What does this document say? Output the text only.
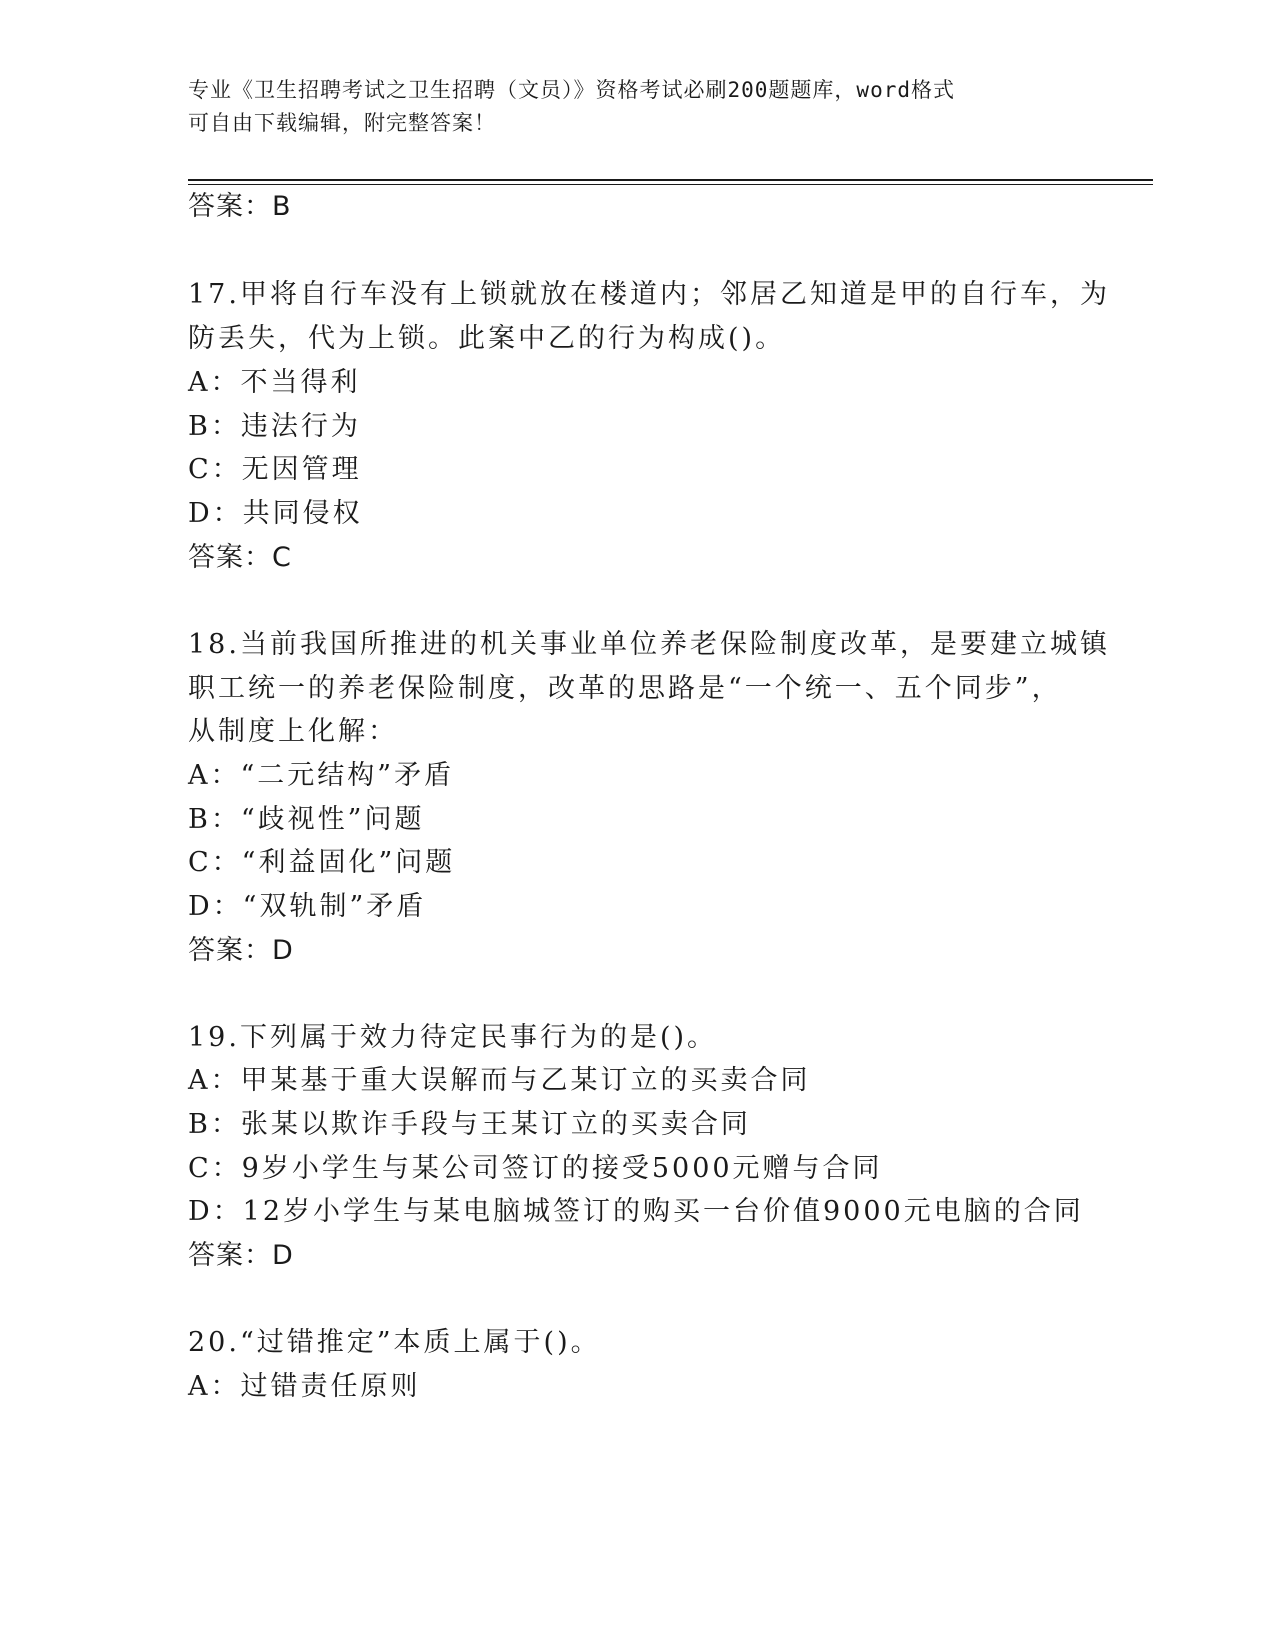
专业《卫生招聘考试之卫生招聘（文员）》资格考试必刷200题题库，word格式
可自由下载编辑，附完整答案！
答案：B
17.甲将自行车没有上锁就放在楼道内；邻居乙知道是甲的自行车，为
防丢失，代为上锁。此案中乙的行为构成()。
A：不当得利
B：违法行为
C：无因管理
D：共同侵权
答案：C
18.当前我国所推进的机关事业单位养老保险制度改革，是要建立城镇
职工统一的养老保险制度，改革的思路是“一个统一、五个同步”，
从制度上化解：
A：“二元结构”矛盾
B：“歧视性”问题
C：“利益固化”问题
D：“双轨制”矛盾
答案：D
19.下列属于效力待定民事行为的是()。
A：甲某基于重大误解而与乙某订立的买卖合同
B：张某以欺诈手段与王某订立的买卖合同
C：9岁小学生与某公司签订的接受5000元赠与合同
D：12岁小学生与某电脑城签订的购买一台价值9000元电脑的合同
答案：D
20.“过错推定”本质上属于()。
A：过错责任原则
